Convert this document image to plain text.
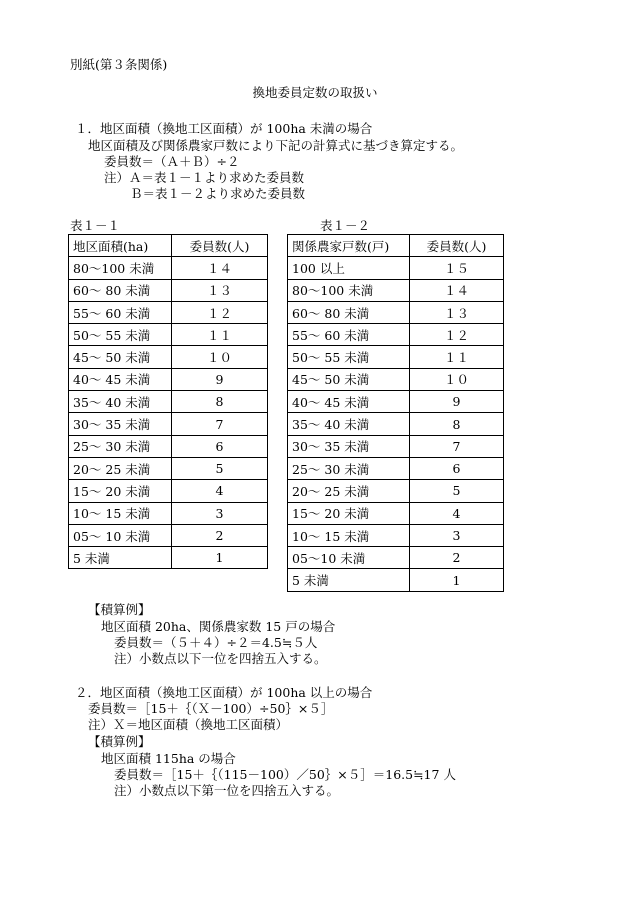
別紙(第３条関係)
換地委員定数の取扱い
１．地区面積（換地工区面積）が 100ha 未満の場合
地区面積及び関係農家戸数により下記の計算式に基づき算定する。
委員数＝（Ａ＋Ｂ）÷２
注）Ａ＝表１－１より求めた委員数
Ｂ＝表１－２より求めた委員数
表１－１	表１－２
地区面積(ha)	委員数(人)
80～100 未満	１４
60～ 80 未満	１３
55～ 60 未満	１２
50～ 55 未満	１１
45～ 50 未満	１０
40～ 45 未満	9
35～ 40 未満	8
30～ 35 未満	7
25～ 30 未満	6
20～ 25 未満	5
15～ 20 未満	4
10～ 15 未満	3
05～ 10 未満	2
5 未満	1
関係農家戸数(戸)	委員数(人)
100 以上	１５
80～100 未満	１４
60～ 80 未満	１３
55～ 60 未満	１２
50～ 55 未満	１１
45～ 50 未満	１０
40～ 45 未満	9
35～ 40 未満	8
30～ 35 未満	7
25～ 30 未満	6
20～ 25 未満	5
15～ 20 未満	4
10～ 15 未満	3
05～10 未満	2
5 未満	1
【積算例】
地区面積 20ha、関係農家数 15 戸の場合
委員数＝（５＋４）÷２＝4.5≒５人
注）小数点以下一位を四捨五入する。
２．地区面積（換地工区面積）が 100ha 以上の場合
委員数＝［15＋｛（Ｘ－100）÷50｝×５］
注）Ｘ＝地区面積（換地工区面積）
【積算例】
地区面積 115ha の場合
委員数＝［15＋｛（115－100）／50｝×５］＝16.5≒17 人
注）小数点以下第一位を四捨五入する。
